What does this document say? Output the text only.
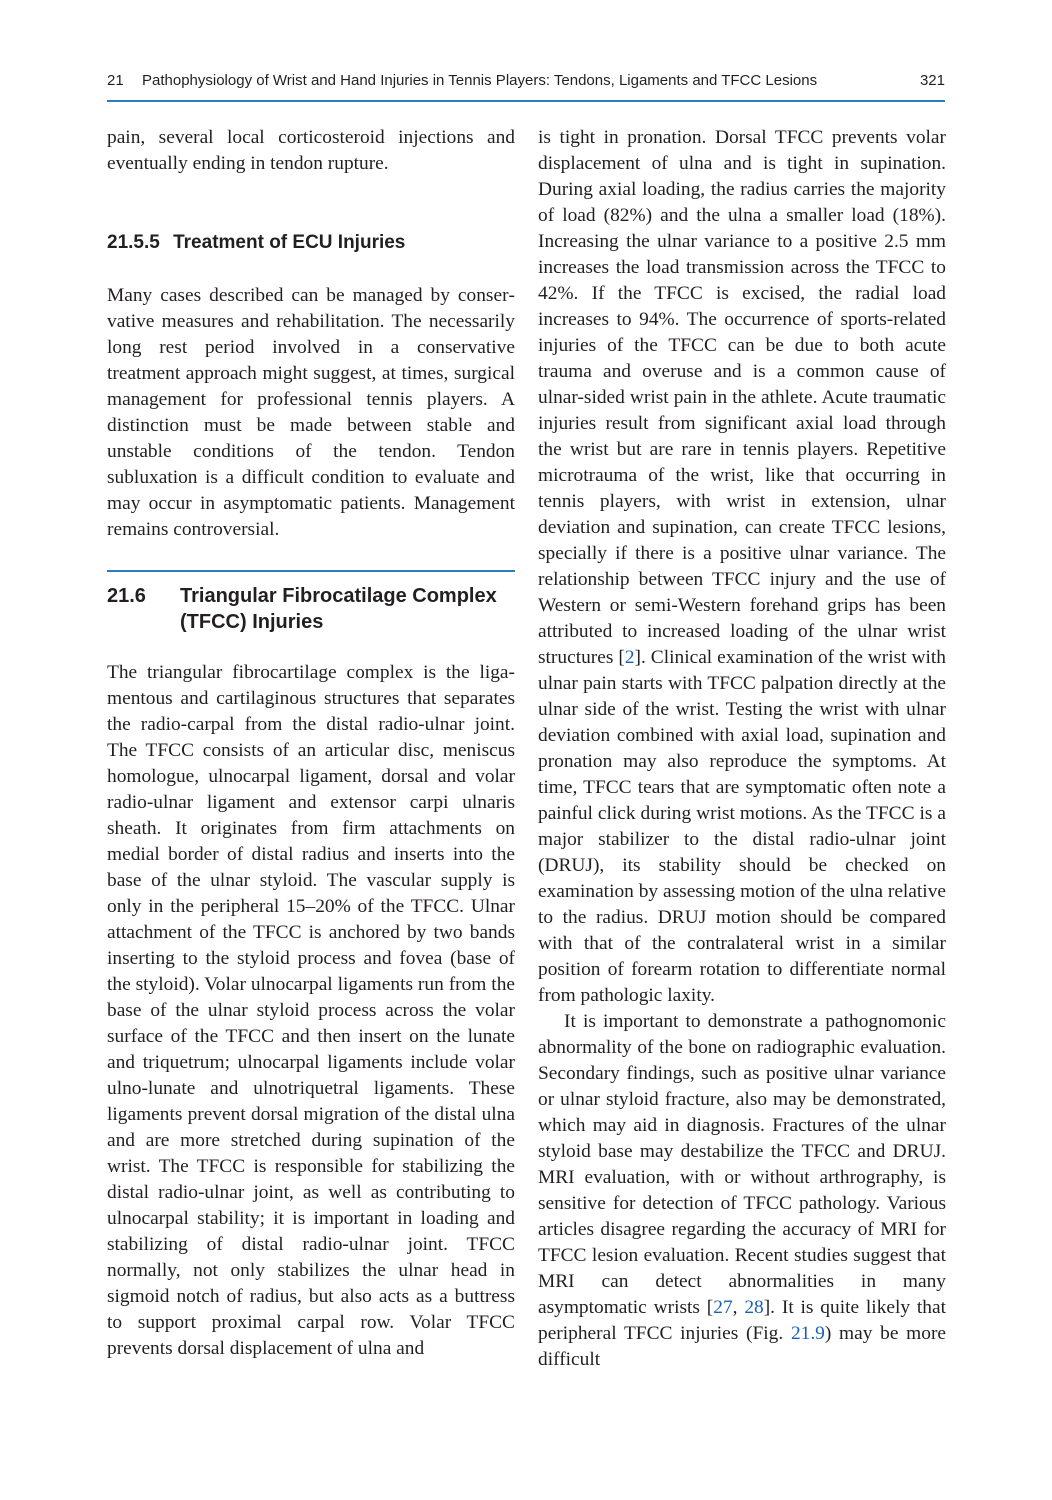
21 Pathophysiology of Wrist and Hand Injuries in Tennis Players: Tendons, Ligaments and TFCC Lesions	321

pain, several local corticosteroid injections and eventually ending in tendon rupture.

21.5.5 Treatment of ECU Injuries

Many cases described can be managed by conservative measures and rehabilitation. The necessarily long rest period involved in a conservative treatment approach might suggest, at times, surgical management for professional tennis players. A distinction must be made between stable and unstable conditions of the tendon. Tendon subluxation is a difficult condition to evaluate and may occur in asymptomatic patients. Management remains controversial.

21.6	Triangular Fibrocatilage Complex (TFCC) Injuries

The triangular fibrocartilage complex is the ligamentous and cartilaginous structures that separates the radio-carpal from the distal radio-ulnar joint. The TFCC consists of an articular disc, meniscus homologue, ulnocarpal ligament, dorsal and volar radio-ulnar ligament and extensor carpi ulnaris sheath. It originates from firm attachments on medial border of distal radius and inserts into the base of the ulnar styloid. The vascular supply is only in the peripheral 15–20% of the TFCC. Ulnar attachment of the TFCC is anchored by two bands inserting to the styloid process and fovea (base of the styloid). Volar ulnocarpal ligaments run from the base of the ulnar styloid process across the volar surface of the TFCC and then insert on the lunate and triquetrum; ulnocarpal ligaments include volar ulno-lunate and ulnotriquetral ligaments. These ligaments prevent dorsal migration of the distal ulna and are more stretched during supination of the wrist. The TFCC is responsible for stabilizing the distal radio-ulnar joint, as well as contributing to ulnocarpal stability; it is important in loading and stabilizing of distal radio-ulnar joint. TFCC normally, not only stabilizes the ulnar head in sigmoid notch of radius, but also acts as a buttress to support proximal carpal row. Volar TFCC prevents dorsal displacement of ulna and

is tight in pronation. Dorsal TFCC prevents volar displacement of ulna and is tight in supination. During axial loading, the radius carries the majority of load (82%) and the ulna a smaller load (18%). Increasing the ulnar variance to a positive 2.5 mm increases the load transmission across the TFCC to 42%. If the TFCC is excised, the radial load increases to 94%. The occurrence of sports-related injuries of the TFCC can be due to both acute trauma and overuse and is a common cause of ulnar-sided wrist pain in the athlete. Acute traumatic injuries result from significant axial load through the wrist but are rare in tennis players. Repetitive microtrauma of the wrist, like that occurring in tennis players, with wrist in extension, ulnar deviation and supination, can create TFCC lesions, specially if there is a positive ulnar variance. The relationship between TFCC injury and the use of Western or semi-Western forehand grips has been attributed to increased loading of the ulnar wrist structures [2]. Clinical examination of the wrist with ulnar pain starts with TFCC palpation directly at the ulnar side of the wrist. Testing the wrist with ulnar deviation combined with axial load, supination and pronation may also reproduce the symptoms. At time, TFCC tears that are symptomatic often note a painful click during wrist motions. As the TFCC is a major stabilizer to the distal radio-ulnar joint (DRUJ), its stability should be checked on examination by assessing motion of the ulna relative to the radius. DRUJ motion should be compared with that of the contralateral wrist in a similar position of forearm rotation to differentiate normal from pathologic laxity.

It is important to demonstrate a pathognomonic abnormality of the bone on radiographic evaluation. Secondary findings, such as positive ulnar variance or ulnar styloid fracture, also may be demonstrated, which may aid in diagnosis. Fractures of the ulnar styloid base may destabilize the TFCC and DRUJ. MRI evaluation, with or without arthrography, is sensitive for detection of TFCC pathology. Various articles disagree regarding the accuracy of MRI for TFCC lesion evaluation. Recent studies suggest that MRI can detect abnormalities in many asymptomatic wrists [27, 28]. It is quite likely that peripheral TFCC injuries (Fig. 21.9) may be more difficult
